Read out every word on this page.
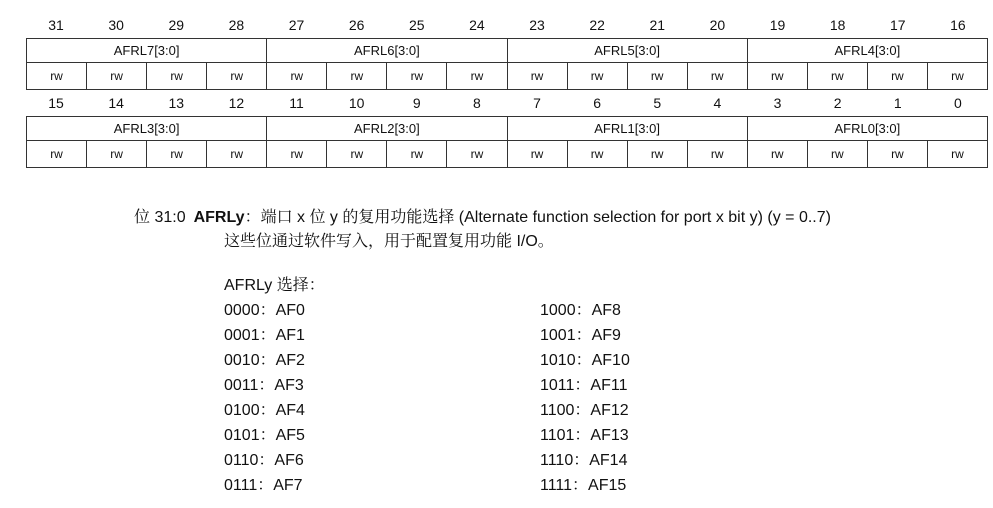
31	30	29	28	27	26	25	24	23	22	21	20	19	18	17	16
AFRL7[3:0]	AFRL6[3:0]	AFRL5[3:0]	AFRL4[3:0]
rw	rw	rw	rw	rw	rw	rw	rw	rw	rw	rw	rw	rw	rw	rw	rw
15	14	13	12	11	10	9	8	7	6	5	4	3	2	1	0
AFRL3[3:0]	AFRL2[3:0]	AFRL1[3:0]	AFRL0[3:0]
rw	rw	rw	rw	rw	rw	rw	rw	rw	rw	rw	rw	rw	rw	rw	rw
位 31:0 AFRLy：端口 x 位 y 的复用功能选择 (Alternate function selection for port x bit y) (y = 0..7)
这些位通过软件写入，用于配置复用功能 I/O。
AFRLy 选择：
0000：AF0
0001：AF1
0010：AF2
0011：AF3
0100：AF4
0101：AF5
0110：AF6
0111：AF7
1000：AF8
1001：AF9
1010：AF10
1011：AF11
1100：AF12
1101：AF13
1110：AF14
1111：AF15
